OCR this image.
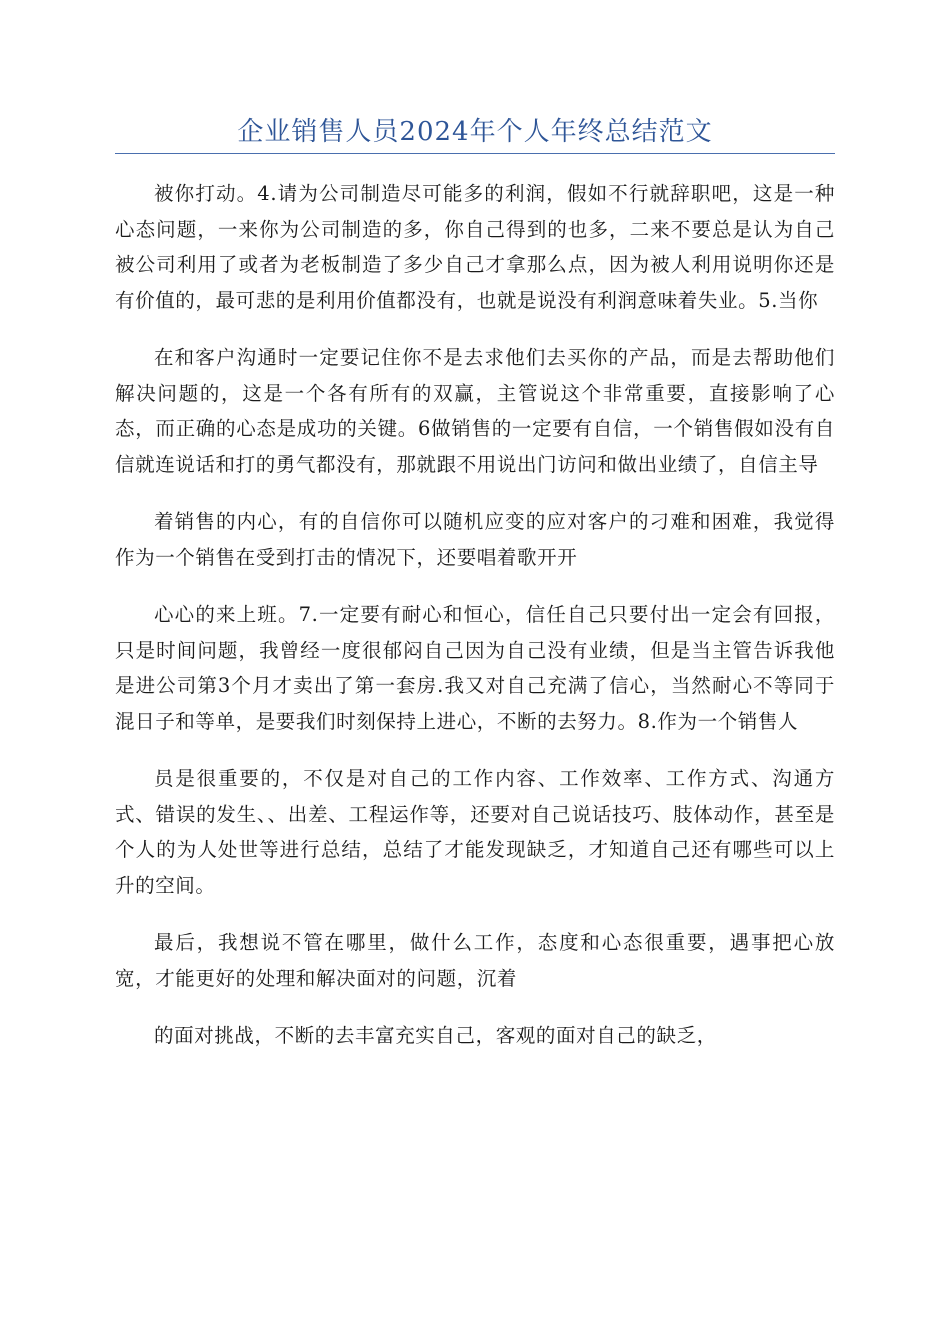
企业销售人员2024年个人年终总结范文

被你打动。4.请为公司制造尽可能多的利润，假如不行就辞职吧，这是一种心态问题，一来你为公司制造的多，你自己得到的也多，二来不要总是认为自己被公司利用了或者为老板制造了多少自己才拿那么点，因为被人利用说明你还是有价值的，最可悲的是利用价值都没有，也就是说没有利润意味着失业。5.当你

在和客户沟通时一定要记住你不是去求他们去买你的产品，而是去帮助他们解决问题的，这是一个各有所有的双赢，主管说这个非常重要，直接影响了心态，而正确的心态是成功的关键。6做销售的一定要有自信，一个销售假如没有自信就连说话和打的勇气都没有，那就跟不用说出门访问和做出业绩了，自信主导

着销售的内心，有的自信你可以随机应变的应对客户的刁难和困难，我觉得作为一个销售在受到打击的情况下，还要唱着歌开开

心心的来上班。7.一定要有耐心和恒心，信任自己只要付出一定会有回报，只是时间问题，我曾经一度很郁闷自己因为自己没有业绩，但是当主管告诉我他是进公司第3个月才卖出了第一套房.我又对自己充满了信心，当然耐心不等同于混日子和等单，是要我们时刻保持上进心，不断的去努力。8.作为一个销售人

员是很重要的，不仅是对自己的工作内容、工作效率、工作方式、沟通方式、错误的发生、、出差、工程运作等，还要对自己说话技巧、肢体动作，甚至是个人的为人处世等进行总结，总结了才能发现缺乏，才知道自己还有哪些可以上升的空间。

最后，我想说不管在哪里，做什么工作，态度和心态很重要，遇事把心放宽，才能更好的处理和解决面对的问题，沉着

的面对挑战，不断的去丰富充实自己，客观的面对自己的缺乏，
